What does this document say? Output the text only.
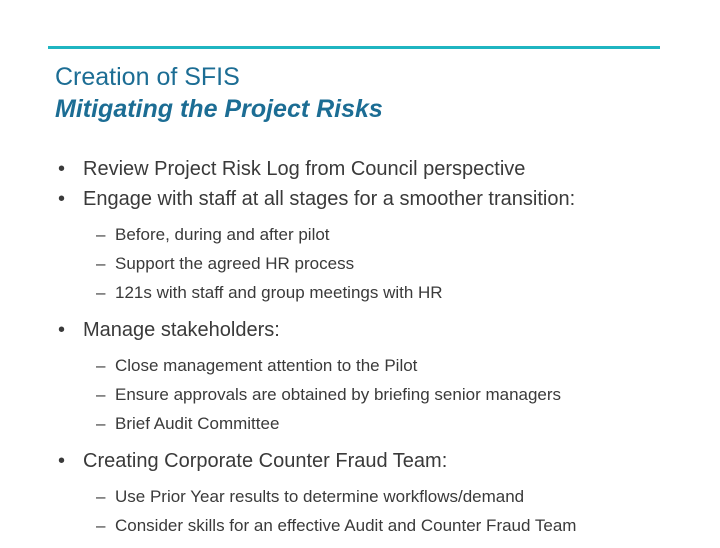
Creation of SFIS
Mitigating the Project Risks
• Review Project Risk Log from Council perspective
• Engage with staff at all stages for a smoother transition:
– Before, during and after pilot
– Support the agreed HR process
– 121s with staff and group meetings with HR
• Manage stakeholders:
– Close management attention to the Pilot
– Ensure approvals are obtained by briefing senior managers
– Brief Audit Committee
• Creating Corporate Counter Fraud Team:
– Use Prior Year results to determine workflows/demand
– Consider skills for an effective Audit and Counter Fraud Team
